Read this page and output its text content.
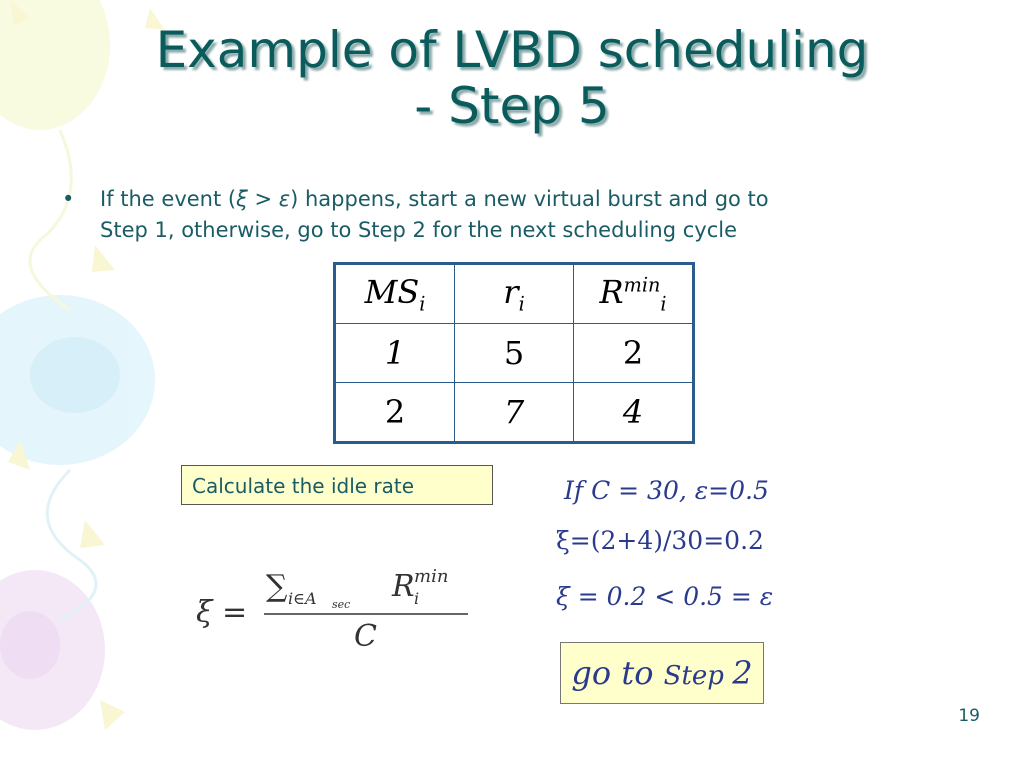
Example of LVBD scheduling
- Step 5
• If the event (ξ > ε) happens, start a new virtual burst and go to
Step 1, otherwise, go to Step 2 for the next scheduling cycle
$MS_i$	$r_i$	$R^{min}_i$
1	5	2
2	7	4
Calculate the idle rate
ξ =
∑ i∈A sec
R min
i
C
If C = 30, ε=0.5
ξ=(2+4)/30=0.2
ξ = 0.2 < 0.5 = ε
go to Step 2
19
